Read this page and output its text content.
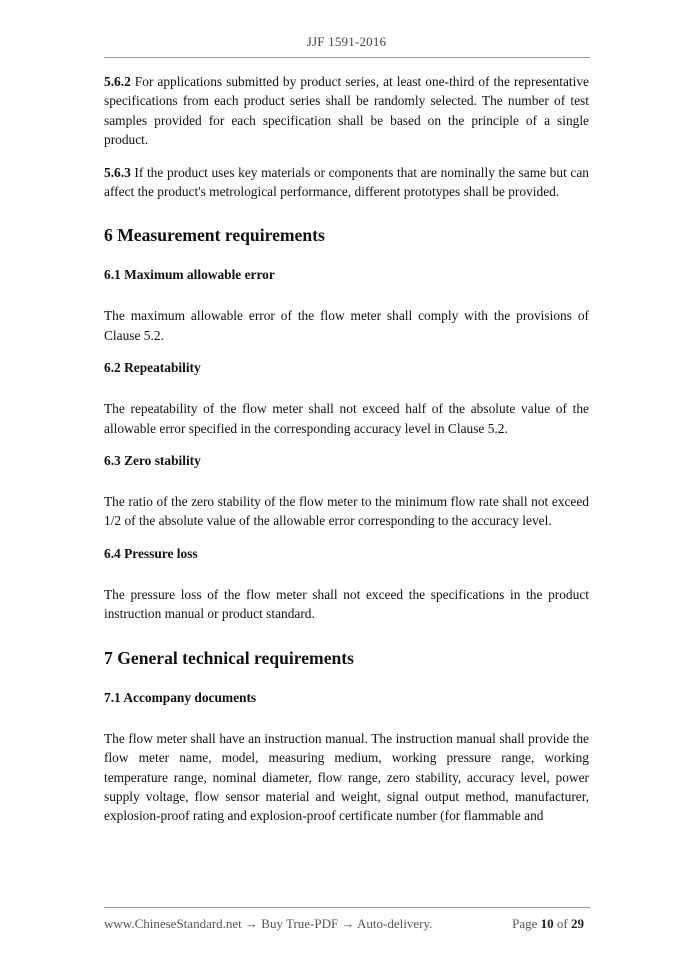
JJF 1591-2016

5.6.2 For applications submitted by product series, at least one-third of the representative specifications from each product series shall be randomly selected. The number of test samples provided for each specification shall be based on the principle of a single product.

5.6.3 If the product uses key materials or components that are nominally the same but can affect the product's metrological performance, different prototypes shall be provided.

6 Measurement requirements
6.1 Maximum allowable error

The maximum allowable error of the flow meter shall comply with the provisions of Clause 5.2.

6.2 Repeatability

The repeatability of the flow meter shall not exceed half of the absolute value of the allowable error specified in the corresponding accuracy level in Clause 5.2.

6.3 Zero stability

The ratio of the zero stability of the flow meter to the minimum flow rate shall not exceed 1/2 of the absolute value of the allowable error corresponding to the accuracy level.

6.4 Pressure loss

The pressure loss of the flow meter shall not exceed the specifications in the product instruction manual or product standard.

7 General technical requirements
7.1 Accompany documents

The flow meter shall have an instruction manual. The instruction manual shall provide the flow meter name, model, measuring medium, working pressure range, working temperature range, nominal diameter, flow range, zero stability, accuracy level, power supply voltage, flow sensor material and weight, signal output method, manufacturer, explosion-proof rating and explosion-proof certificate number (for flammable and

www.ChineseStandard.net → Buy True-PDF → Auto-delivery.	Page 10 of 29
